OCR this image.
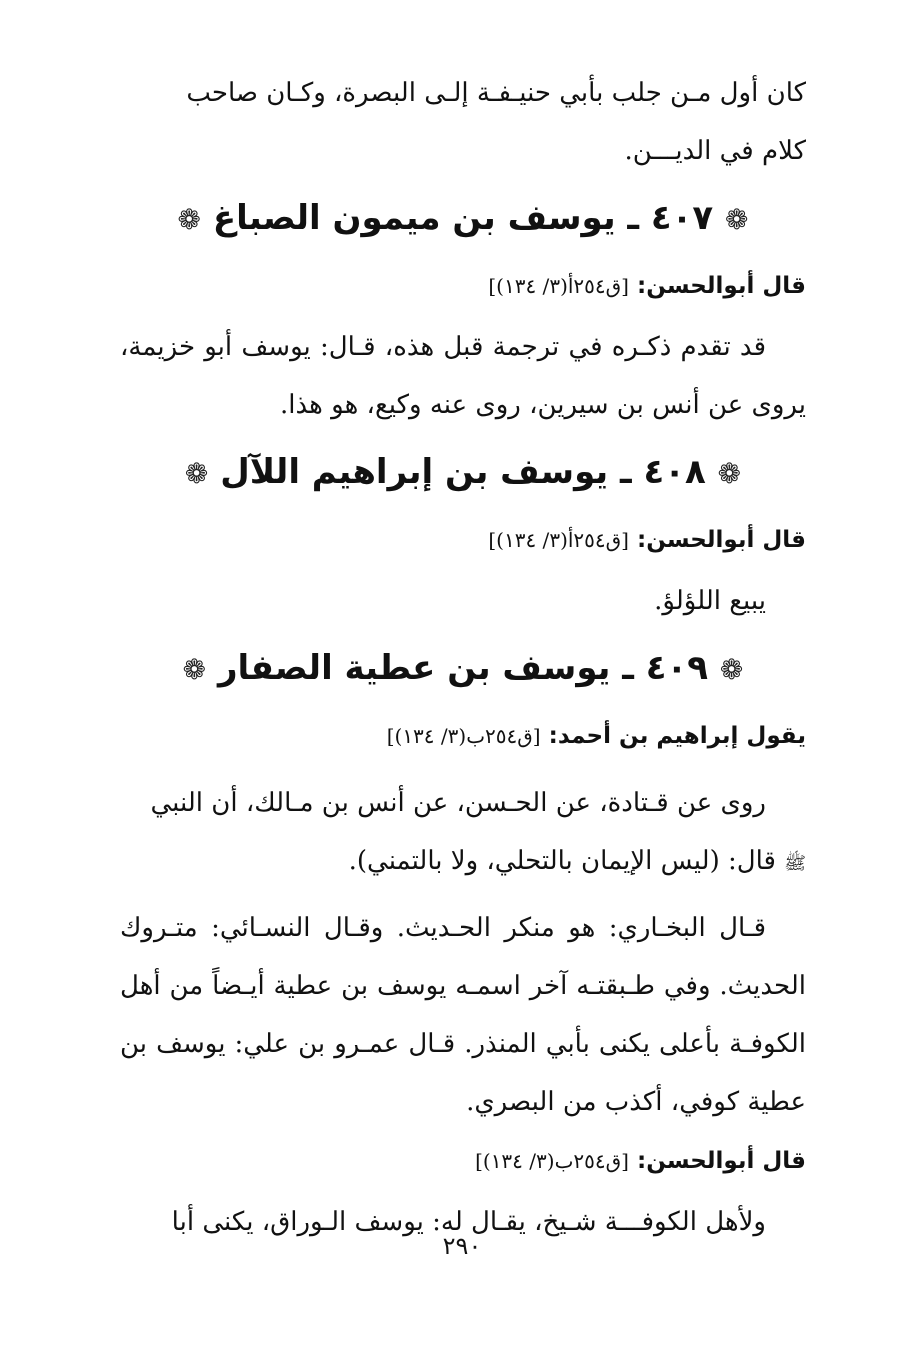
كان أول مـن جلب بأبي حنيـفـة إلـى البصرة، وكـان صاحب
كلام في الديـــن.

❁ ٤٠٧ ـ يوسف بن ميمون الصباغ ❁
قال أبوالحسن: [ق٢٥٤أ(٣/ ١٣٤)]

قد تقدم ذكـره في ترجمة قبل هذه، قـال: يوسف أبو خزيمة، يروى عن أنس بن سيرين، روى عنه وكيع، هو هذا.

❁ ٤٠٨ ـ يوسف بن إبراهيم اللآل ❁
قال أبوالحسن: [ق٢٥٤أ(٣/ ١٣٤)]

يبيع اللؤلؤ.

❁ ٤٠٩ ـ يوسف بن عطية الصفار ❁
يقول إبراهيم بن أحمد: [ق٢٥٤ب(٣/ ١٣٤)]

روى عن قـتادة، عن الحـسن، عن أنس بن مـالك، أن النبي
ﷺ قال: (ليس الإيمان بالتحلي، ولا بالتمني).

قـال البخـاري: هو منكر الحـديث. وقـال النسـائي: متـروك الحديث. وفي طـبقتـه آخر اسمـه يوسف بن عطية أيـضاً من أهل الكوفـة بأعلى يكنى بأبي المنذر. قـال عمـرو بن علي: يوسف بن عطية كوفي، أكذب من البصري.

قال أبوالحسن: [ق٢٥٤ب(٣/ ١٣٤)]

ولأهل الكوفـــة شـيخ، يقـال له: يوسف الـوراق، يكنى أبا

٢٩٠
